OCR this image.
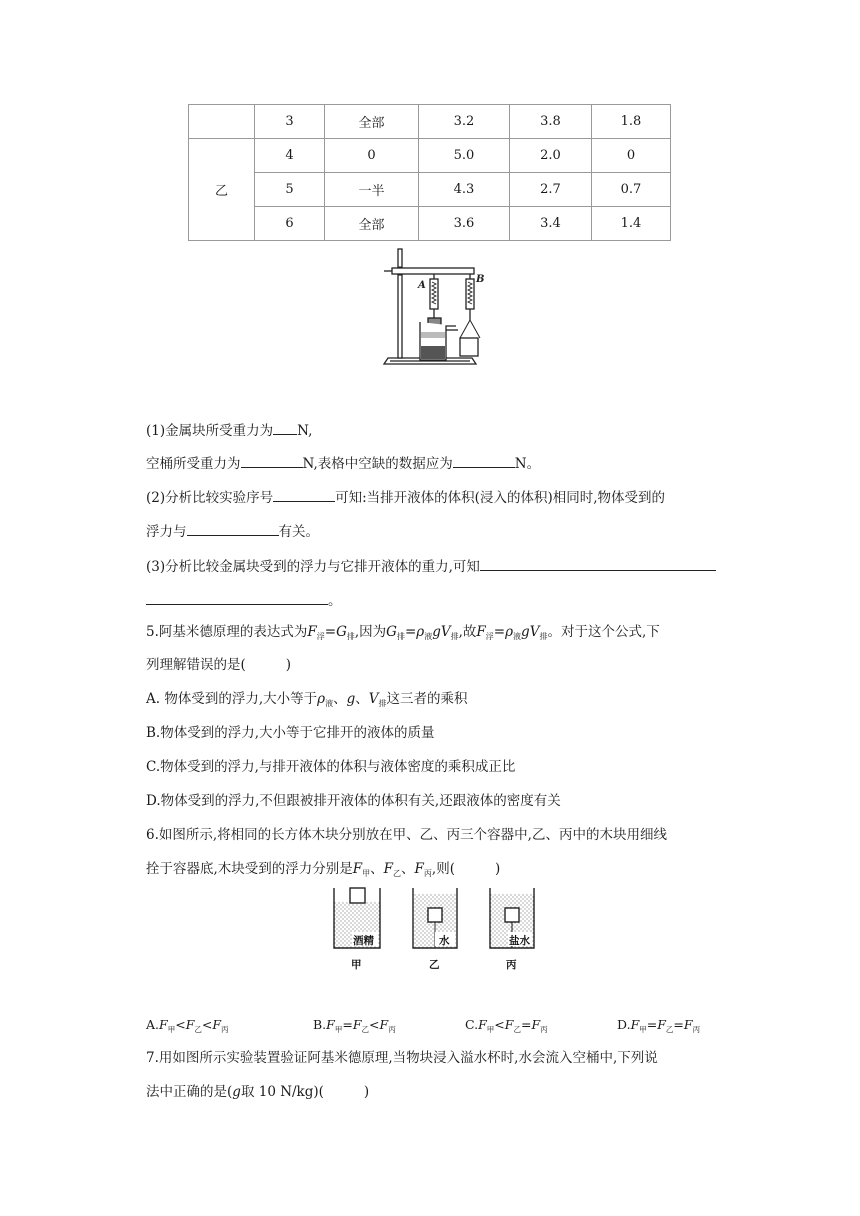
	3	全部	3.2	3.8	1.8
乙	4	0	5.0	2.0	0
	5	一半	4.3	2.7	0.7
	6	全部	3.6	3.4	1.4
A
B
(1)金属块所受重力为 N,
空桶所受重力为	N,表格中空缺的数据应为	N。
(2)分析比较实验序号	可知:当排开液体的体积(浸入的体积)相同时,物体受到的
浮力与	有关。
(3)分析比较金属块受到的浮力与它排开液体的重力,可知
。
5.阿基米德原理的表达式为$F_浮=G_排$,因为$G_排=\rho_液gV_排$,故$F_浮=\rho_液gV_排$。对于这个公式,下
列理解错误的是(	)
A. 物体受到的浮力,大小等于$\rho_液$、g、$V_排$这三者的乘积
B.物体受到的浮力,大小等于它排开的液体的质量
C.物体受到的浮力,与排开液体的体积与液体密度的乘积成正比
D.物体受到的浮力,不但跟被排开液体的体积有关,还跟液体的密度有关
6.如图所示,将相同的长方体木块分别放在甲、乙、丙三个容器中,乙、丙中的木块用细线
拴于容器底,木块受到的浮力分别是$F_甲$、$F_乙$、$F_丙$,则(	)
酒精	水	盐水
甲	乙	丙
$A.F_甲<F_乙<F_丙$	$B.F_甲=F_乙<F_丙$	$C.F_甲<F_乙=F_丙$	$D.F_甲=F_乙=F_丙$
7.用如图所示实验装置验证阿基米德原理,当物块浸入溢水杯时,水会流入空桶中,下列说
法中正确的是(g取 10 N/kg)(	)
